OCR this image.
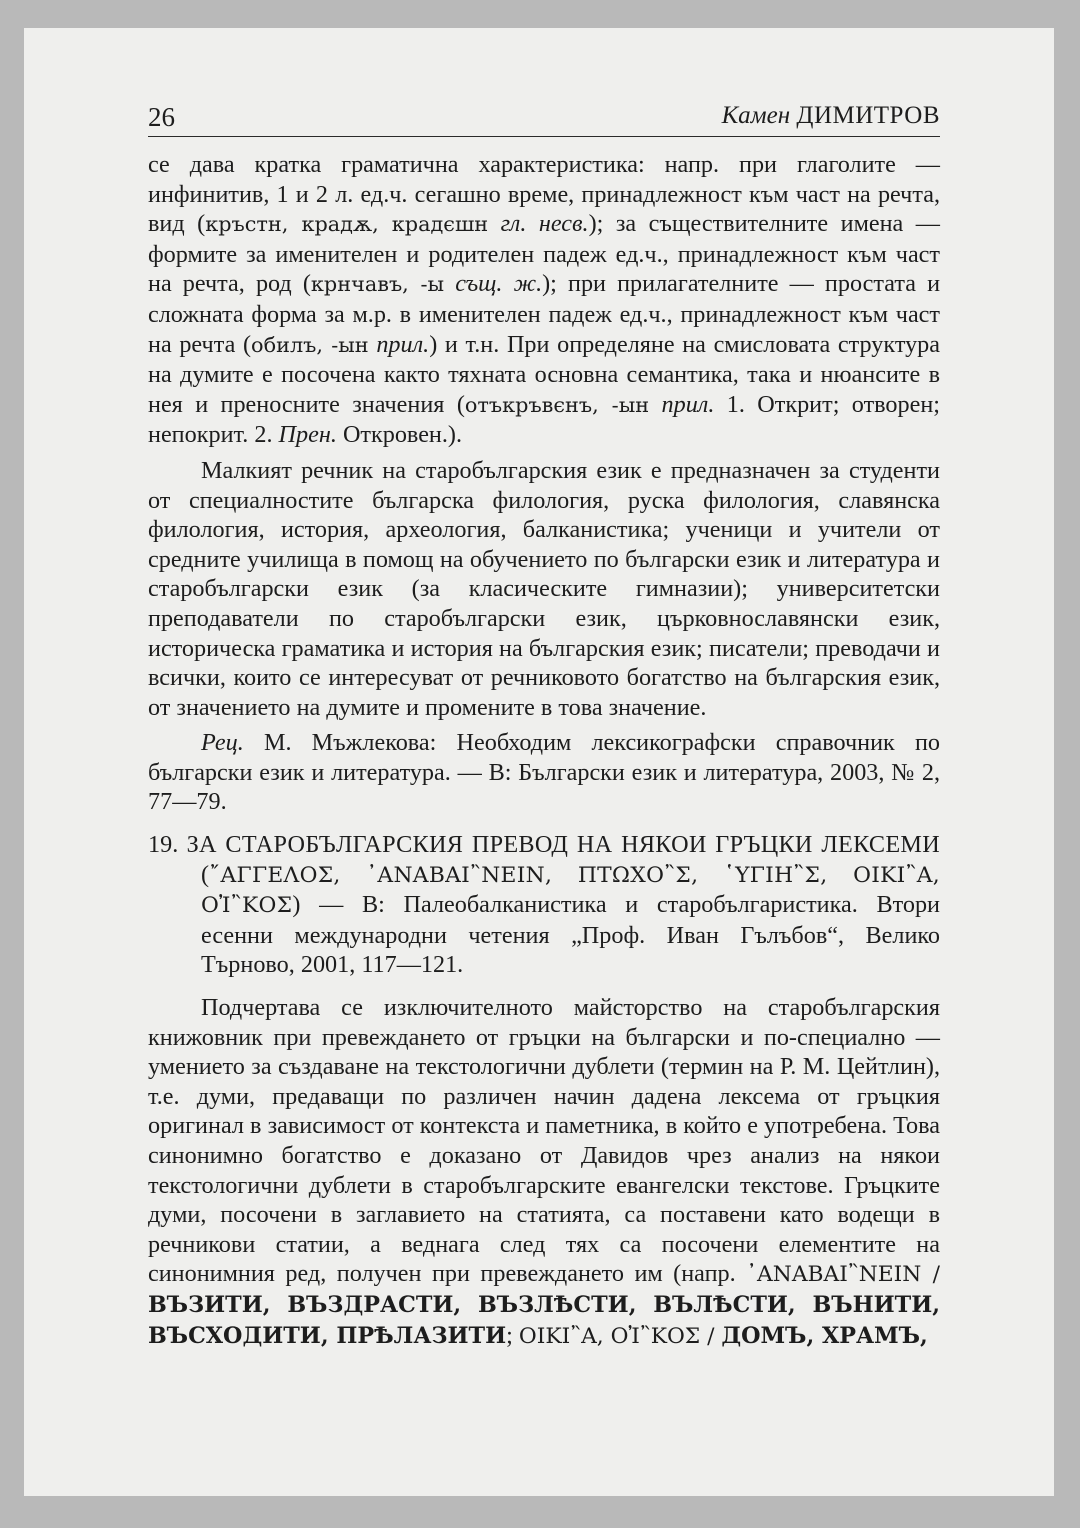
26	Камен ДИМИТРОВ

се дава кратка граматична характеристика: напр. при глаголите — инфинитив, 1 и 2 л. ед.ч. сегашно време, принадлежност към част на речта, вид (кръстн, крадѫ, крадєшн гл. несв.); за съществителните имена — формите за именителен и родителен падеж ед.ч., принадлежност към част на речта, род (крнчавъ, -ы същ. ж.); при прилагателните — простата и сложната форма за м.р. в именителен падеж ед.ч., принадлежност към част на речта (обилъ, -ын прил.) и т.н. При определяне на смисловата структура на думите е посочена както тяхната основна семантика, така и нюансите в нея и преносните значения (отъкръвєнъ, -ын прил. 1. Открит; отворен; непокрит. 2. Прен. Откровен.).

Малкият речник на старобългарския език е предназначен за студенти от специалностите българска филология, руска филология, славянска филология, история, археология, балканистика; ученици и учители от средните училища в помощ на обучението по български език и литература и старобългарски език (за класическите гимназии); университетски преподаватели по старобългарски език, църковнославянски език, историческа граматика и история на българския език; писатели; преводачи и всички, които се интересуват от речниковото богатство на българския език, от значението на думите и промените в това значение.

Рец. М. Мъжлекова: Необходим лексикографски справочник по български език и литература. — В: Български език и литература, 2003, № 2, 77—79.

19. ЗА СТАРОБЪЛГАРСКИЯ ПРЕВОД НА НЯКОИ ГРЪЦКИ ЛЕКСЕМИ (῎ΑΓΓΕΛΟΣ, ᾿ΑΝΑΒΑΙ῍ΝΕΙΝ, ΠΤΩΧΟ῍Σ, ῾ΥΓΙΗ῍Σ, ΟΙΚΙ῍Α, ΟἸ῍ΚΟΣ) — В: Палеобалканистика и старобългаристика. Втори есенни международни четения „Проф. Иван Гълъбов“, Велико Търново, 2001, 117—121.

Подчертава се изключителното майсторство на старобългарския книжовник при превеждането от гръцки на български и по-специално — умението за създаване на текстологични дублети (термин на Р. М. Цейтлин), т.е. думи, предаващи по различен начин дадена лексема от гръцкия оригинал в зависимост от контекста и паметника, в който е употребена. Това синонимно богатство е доказано от Давидов чрез анализ на някои текстологични дублети в старобългарските евангелски текстове. Гръцките думи, посочени в заглавието на статията, са поставени като водещи в речникови статии, а веднага след тях са посочени елементите на синонимния ред, получен при превеждането им (напр. ᾿ΑΝΑΒΑΙ῍ΝΕΙΝ / ВЪЗИТИ, ВЪЗДРАСТИ, ВЪЗЛѢСТИ, ВЪЛѢСТИ, ВЪНИТИ, ВЪСХОДИТИ, ПРѢЛАЗИТИ; ΟΙΚΙ῍Α, ΟἸ῍ΚΟΣ / ДОМЪ, ХРАМЪ,
